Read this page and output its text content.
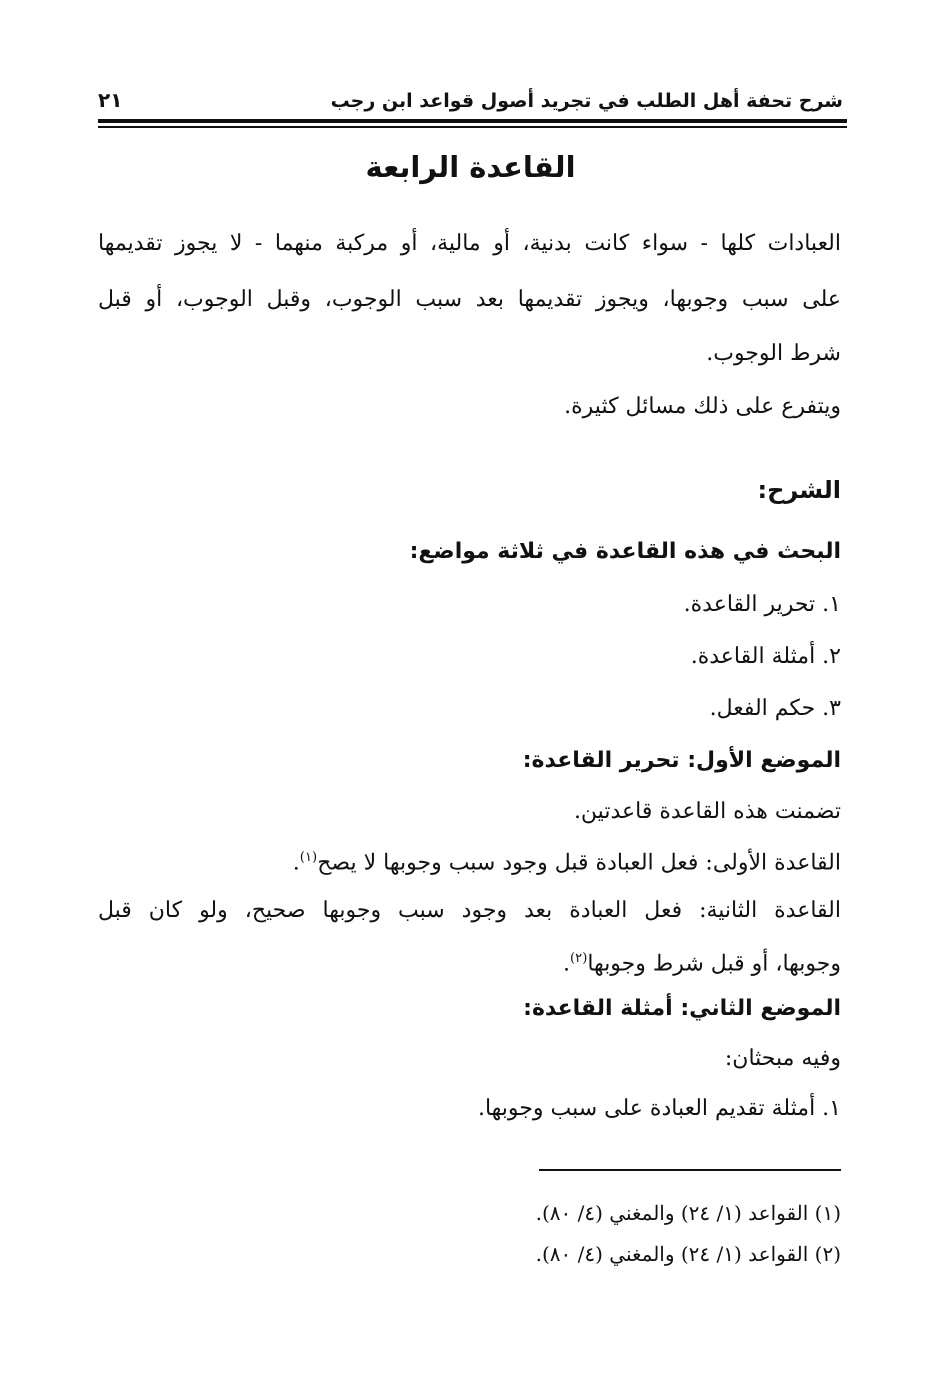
شرح تحفة أهل الطلب في تجريد أصول قواعد ابن رجب
٢١
القاعدة الرابعة
العبادات كلها - سواء كانت بدنية، أو مالية، أو مركبة منهما - لا يجوز تقديمها
على سبب وجوبها، ويجوز تقديمها بعد سبب الوجوب، وقبل الوجوب، أو قبل
شرط الوجوب.
ويتفرع على ذلك مسائل كثيرة.
الشرح:
البحث في هذه القاعدة في ثلاثة مواضع:
١. تحرير القاعدة.
٢. أمثلة القاعدة.
٣. حكم الفعل.
الموضع الأول: تحرير القاعدة:
تضمنت هذه القاعدة قاعدتين.
القاعدة الأولى: فعل العبادة قبل وجود سبب وجوبها لا يصح$^{(١)}$.
القاعدة الثانية: فعل العبادة بعد وجود سبب وجوبها صحيح، ولو كان قبل
وجوبها، أو قبل شرط وجوبها$^{(٢)}$.
الموضع الثاني: أمثلة القاعدة:
وفيه مبحثان:
١. أمثلة تقديم العبادة على سبب وجوبها.
(١) القواعد (١/ ٢٤) والمغني (٤/ ٨٠).
(٢) القواعد (١/ ٢٤) والمغني (٤/ ٨٠).
